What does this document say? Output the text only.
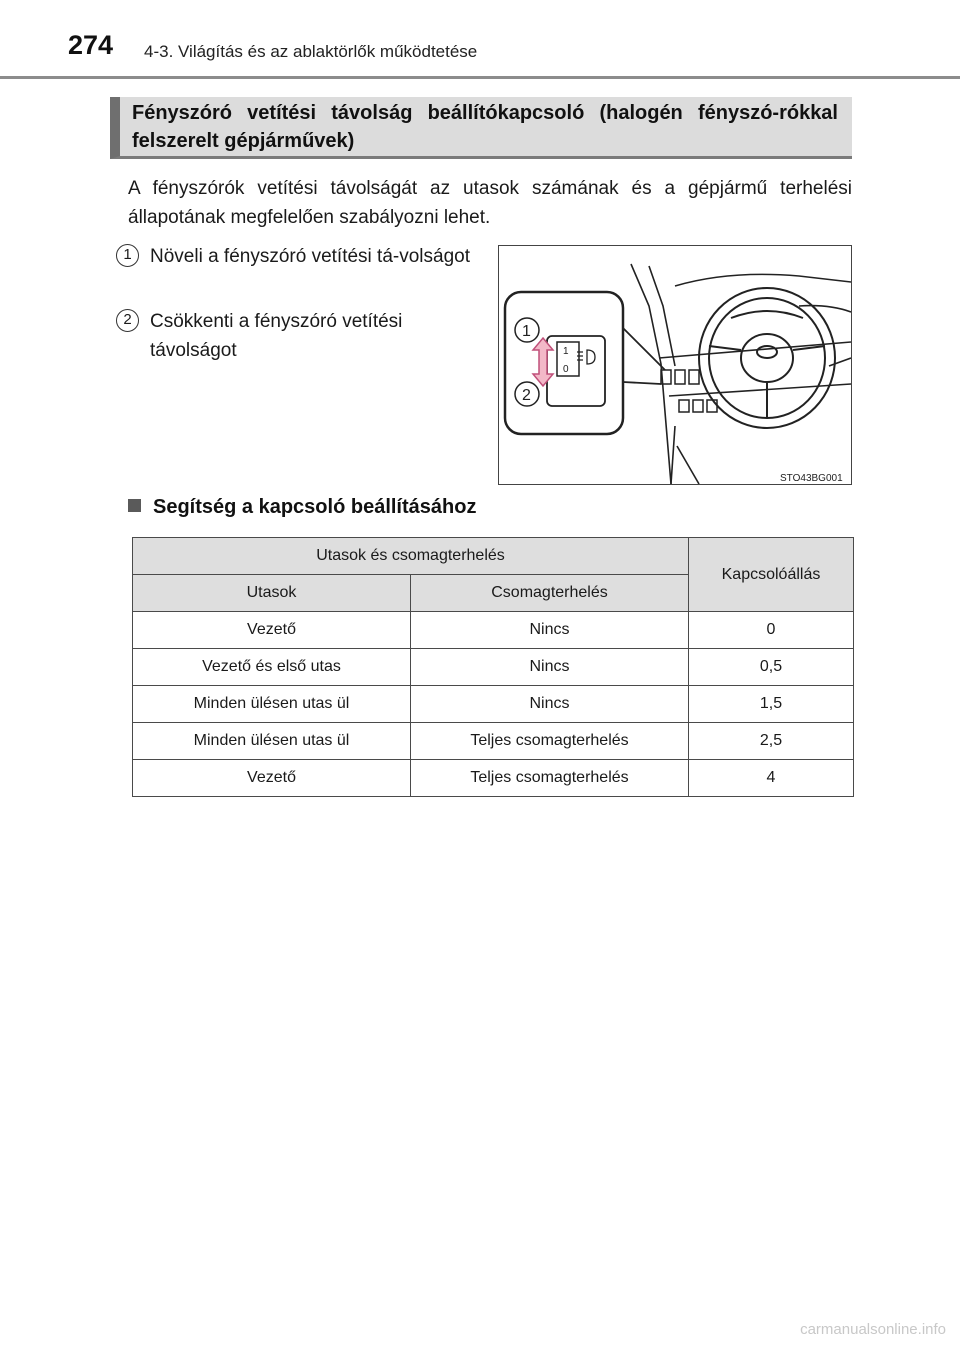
274 4-3. Világítás és az ablaktörlők működtetése
Fényszóró vetítési távolság beállítókapcsoló (halogén fényszó-rókkal felszerelt gépjárművek)
A fényszórók vetítési távolságát az utasok számának és a gépjármű terhelési állapotának megfelelően szabályozni lehet.
1 Növeli a fényszóró vetítési tá-volságot
2 Csökkenti a fényszóró vetítési távolságot	1
0
1
2
STO43BG001
Segítség a kapcsoló beállításához
Utasok és csomagterhelés		Kapcsolóállás
Utasok	Csomagterhelés	
Vezető	Nincs	0
Vezető és első utas	Nincs	0,5
Minden ülésen utas ül	Nincs	1,5
Minden ülésen utas ül	Teljes csomagterhelés	2,5
Vezető	Teljes csomagterhelés	4
carmanualsonline.info
